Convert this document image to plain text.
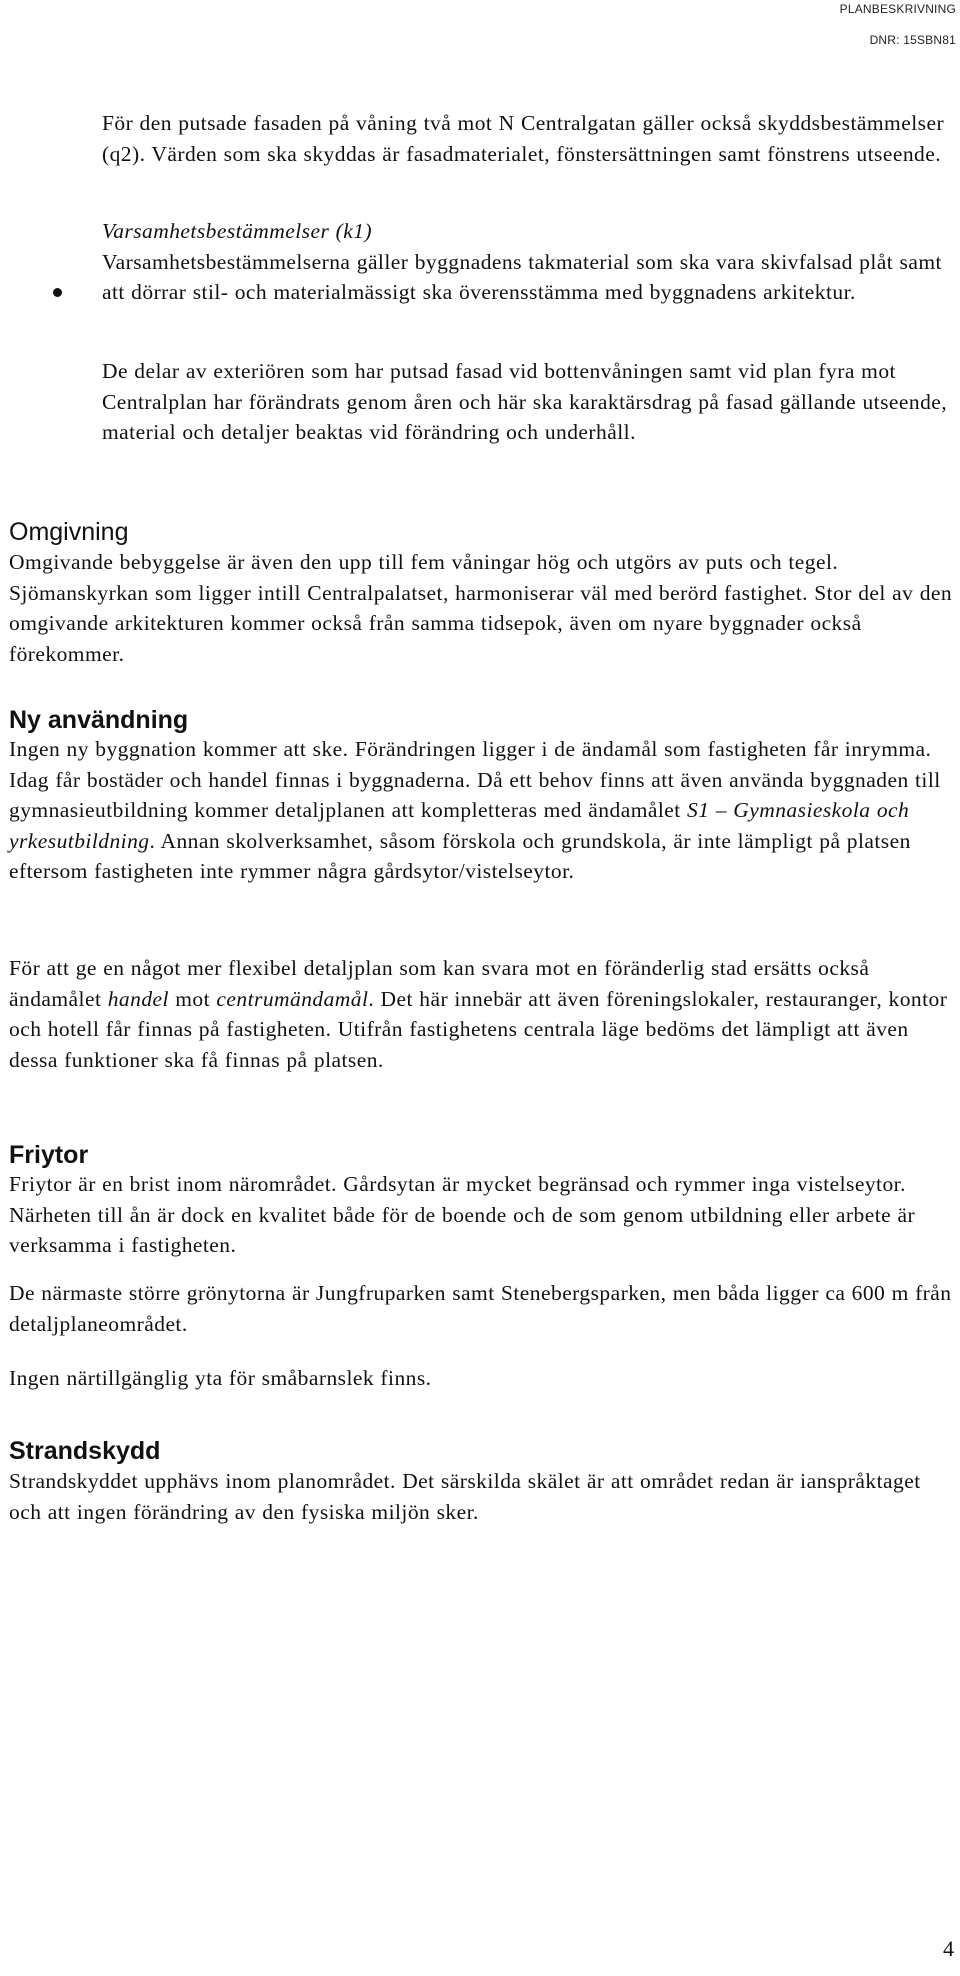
PLANBESKRIVNING
DNR: 15SBN81

För den putsade fasaden på våning två mot N Centralgatan gäller också skyddsbestämmelser (q2). Värden som ska skyddas är fasadmaterialet, fönstersättningen samt fönstrens utseende.

Varsamhetsbestämmelser (k1)
Varsamhetsbestämmelserna gäller byggnadens takmaterial som ska vara skivfalsad plåt samt att dörrar stil- och materialmässigt ska överensstämma med byggnadens arkitektur.

De delar av exteriören som har putsad fasad vid bottenvåningen samt vid plan fyra mot Centralplan har förändrats genom åren och här ska karaktärsdrag på fasad gällande utseende, material och detaljer beaktas vid förändring och underhåll.

Omgivning

Omgivande bebyggelse är även den upp till fem våningar hög och utgörs av puts och tegel. Sjömanskyrkan som ligger intill Centralpalatset, harmoniserar väl med berörd fastighet. Stor del av den omgivande arkitekturen kommer också från samma tidsepok, även om nyare byggnader också förekommer.

Ny användning

Ingen ny byggnation kommer att ske. Förändringen ligger i de ändamål som fastigheten får inrymma. Idag får bostäder och handel finnas i byggnaderna. Då ett behov finns att även använda byggnaden till gymnasieutbildning kommer detaljplanen att kompletteras med ändamålet S1 – Gymnasieskola och yrkesutbildning. Annan skolverksamhet, såsom förskola och grundskola, är inte lämpligt på platsen eftersom fastigheten inte rymmer några gårdsytor/vistelseytor.

För att ge en något mer flexibel detaljplan som kan svara mot en föränderlig stad ersätts också ändamålet handel mot centrumändamål. Det här innebär att även föreningslokaler, restauranger, kontor och hotell får finnas på fastigheten. Utifrån fastighetens centrala läge bedöms det lämpligt att även dessa funktioner ska få finnas på platsen.

Friytor

Friytor är en brist inom närområdet. Gårdsytan är mycket begränsad och rymmer inga vistelseytor. Närheten till ån är dock en kvalitet både för de boende och de som genom utbildning eller arbete är verksamma i fastigheten.

De närmaste större grönytorna är Jungfruparken samt Stenebergsparken, men båda ligger ca 600 m från detaljplaneområdet.

Ingen närtillgänglig yta för småbarnslek finns.

Strandskydd

Strandskyddet upphävs inom planområdet. Det särskilda skälet är att området redan är ianspråktaget och att ingen förändring av den fysiska miljön sker.

4
